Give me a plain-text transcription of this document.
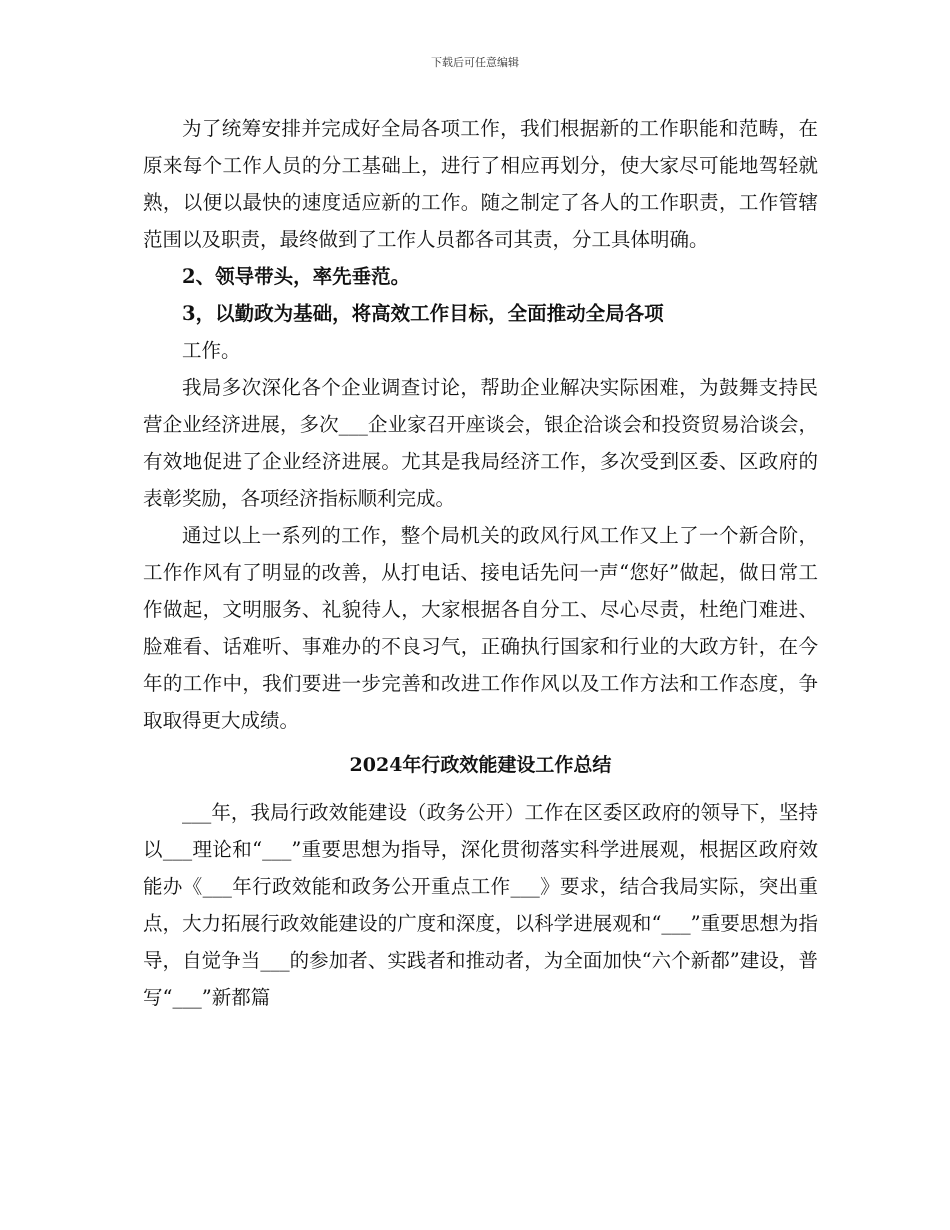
下载后可任意编辑

为了统筹安排并完成好全局各项工作，我们根据新的工作职能和范畴，在原来每个工作人员的分工基础上，进行了相应再划分，使大家尽可能地驾轻就熟，以便以最快的速度适应新的工作。随之制定了各人的工作职责，工作管辖范围以及职责，最终做到了工作人员都各司其责，分工具体明确。

2、领导带头，率先垂范。

3，以勤政为基础，将高效工作目标，全面推动全局各项

工作。

我局多次深化各个企业调查讨论，帮助企业解决实际困难，为鼓舞支持民营企业经济进展，多次___企业家召开座谈会，银企洽谈会和投资贸易洽谈会，有效地促进了企业经济进展。尤其是我局经济工作，多次受到区委、区政府的表彰奖励，各项经济指标顺利完成。

通过以上一系列的工作，整个局机关的政风行风工作又上了一个新合阶，工作作风有了明显的改善，从打电话、接电话先问一声“您好”做起，做日常工作做起，文明服务、礼貌待人，大家根据各自分工、尽心尽责，杜绝门难进、脸难看、话难听、事难办的不良习气，正确执行国家和行业的大政方针，在今年的工作中，我们要进一步完善和改进工作作风以及工作方法和工作态度，争取取得更大成绩。

2024年行政效能建设工作总结

___年，我局行政效能建设（政务公开）工作在区委区政府的领导下，坚持以___理论和“___”重要思想为指导，深化贯彻落实科学进展观，根据区政府效能办《___年行政效能和政务公开重点工作___》要求，结合我局实际，突出重点，大力拓展行政效能建设的广度和深度，以科学进展观和“___”重要思想为指导，自觉争当___的参加者、实践者和推动者，为全面加快“六个新都”建设，普写“___”新都篇
